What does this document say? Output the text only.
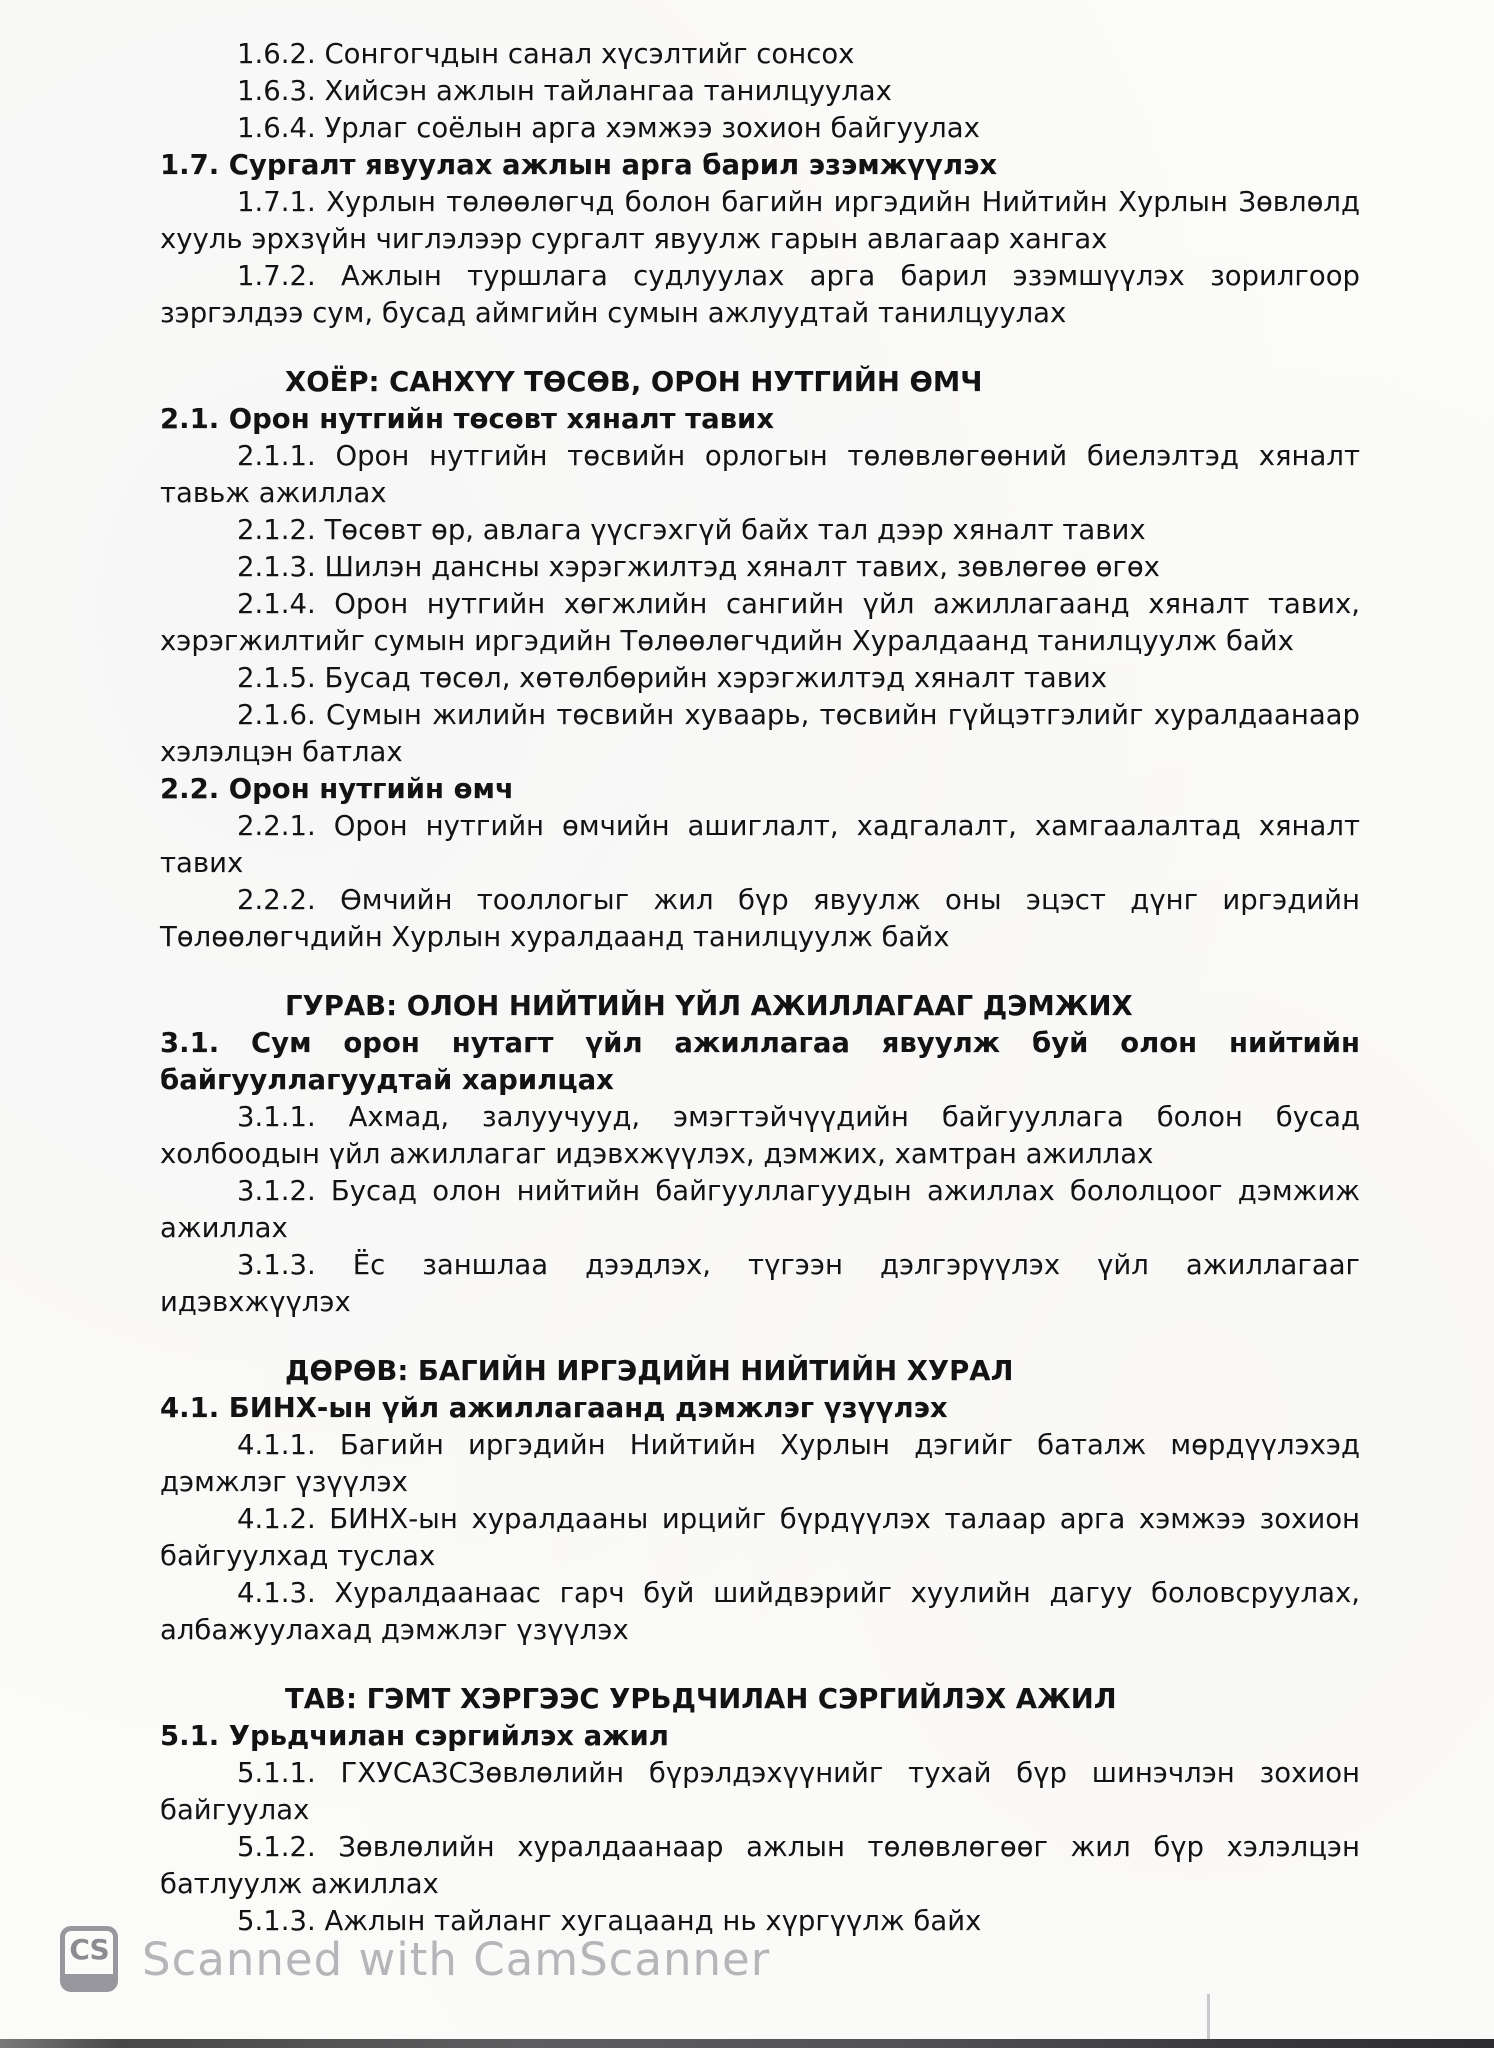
1.6.2. Сонгогчдын санал хүсэлтийг сонсох

1.6.3. Хийсэн ажлын тайлангаа танилцуулах

1.6.4. Урлаг соёлын арга хэмжээ зохион байгуулах

1.7. Сургалт явуулах ажлын арга барил эзэмжүүлэх

1.7.1. Хурлын төлөөлөгчд болон багийн иргэдийн Нийтийн Хурлын Зөвлөлд хууль эрхзүйн чиглэлээр сургалт явуулж гарын авлагаар хангах

1.7.2. Ажлын туршлага судлуулах арга барил эзэмшүүлэх зорилгоор зэргэлдээ сум, бусад аймгийн сумын ажлуудтай танилцуулах

ХОЁР: САНХҮҮ ТӨСӨВ, ОРОН НУТГИЙН ӨМЧ

2.1. Орон нутгийн төсөвт хяналт тавих

2.1.1. Орон нутгийн төсвийн орлогын төлөвлөгөөний биелэлтэд хяналт тавьж ажиллах

2.1.2. Төсөвт өр, авлага үүсгэхгүй байх тал дээр хяналт тавих

2.1.3. Шилэн дансны хэрэгжилтэд хяналт тавих, зөвлөгөө өгөх

2.1.4. Орон нутгийн хөгжлийн сангийн үйл ажиллагаанд хяналт тавих, хэрэгжилтийг сумын иргэдийн Төлөөлөгчдийн Хуралдаанд танилцуулж байх

2.1.5. Бусад төсөл, хөтөлбөрийн хэрэгжилтэд хяналт тавих

2.1.6. Сумын жилийн төсвийн хуваарь, төсвийн гүйцэтгэлийг хуралдаанаар хэлэлцэн батлах

2.2. Орон нутгийн өмч

2.2.1. Орон нутгийн өмчийн ашиглалт, хадгалалт, хамгаалалтад хяналт тавих

2.2.2. Өмчийн тооллогыг жил бүр явуулж оны эцэст дүнг иргэдийн Төлөөлөгчдийн Хурлын хуралдаанд танилцуулж байх

ГУРАВ: ОЛОН НИЙТИЙН ҮЙЛ АЖИЛЛАГААГ ДЭМЖИХ

3.1. Сум орон нутагт үйл ажиллагаа явуулж буй олон нийтийн байгууллагуудтай харилцах

3.1.1. Ахмад, залуучууд, эмэгтэйчүүдийн байгууллага болон бусад холбоодын үйл ажиллагаг идэвхжүүлэх, дэмжих, хамтран ажиллах

3.1.2. Бусад олон нийтийн байгууллагуудын ажиллах бололцоог дэмжиж ажиллах

3.1.3. Ёс заншлаа дээдлэх, түгээн дэлгэрүүлэх үйл ажиллагааг идэвхжүүлэх

ДӨРӨВ: БАГИЙН ИРГЭДИЙН НИЙТИЙН ХУРАЛ

4.1. БИНХ-ын үйл ажиллагаанд дэмжлэг үзүүлэх

4.1.1. Багийн иргэдийн Нийтийн Хурлын дэгийг баталж мөрдүүлэхэд дэмжлэг үзүүлэх

4.1.2. БИНХ-ын хуралдааны ирцийг бүрдүүлэх талаар арга хэмжээ зохион байгуулхад туслах

4.1.3. Хуралдаанаас гарч буй шийдвэрийг хуулийн дагуу боловсруулах, албажуулахад дэмжлэг үзүүлэх

ТАВ: ГЭМТ ХЭРГЭЭС УРЬДЧИЛАН СЭРГИЙЛЭХ АЖИЛ

5.1. Урьдчилан сэргийлэх ажил

5.1.1. ГХУСАЗСЗөвлөлийн бүрэлдэхүүнийг тухай бүр шинэчлэн зохион байгуулах

5.1.2. Зөвлөлийн хуралдаанаар ажлын төлөвлөгөөг жил бүр хэлэлцэн батлуулж ажиллах

5.1.3. Ажлын тайланг хугацаанд нь хүргүүлж байх

CS Scanned with CamScanner
